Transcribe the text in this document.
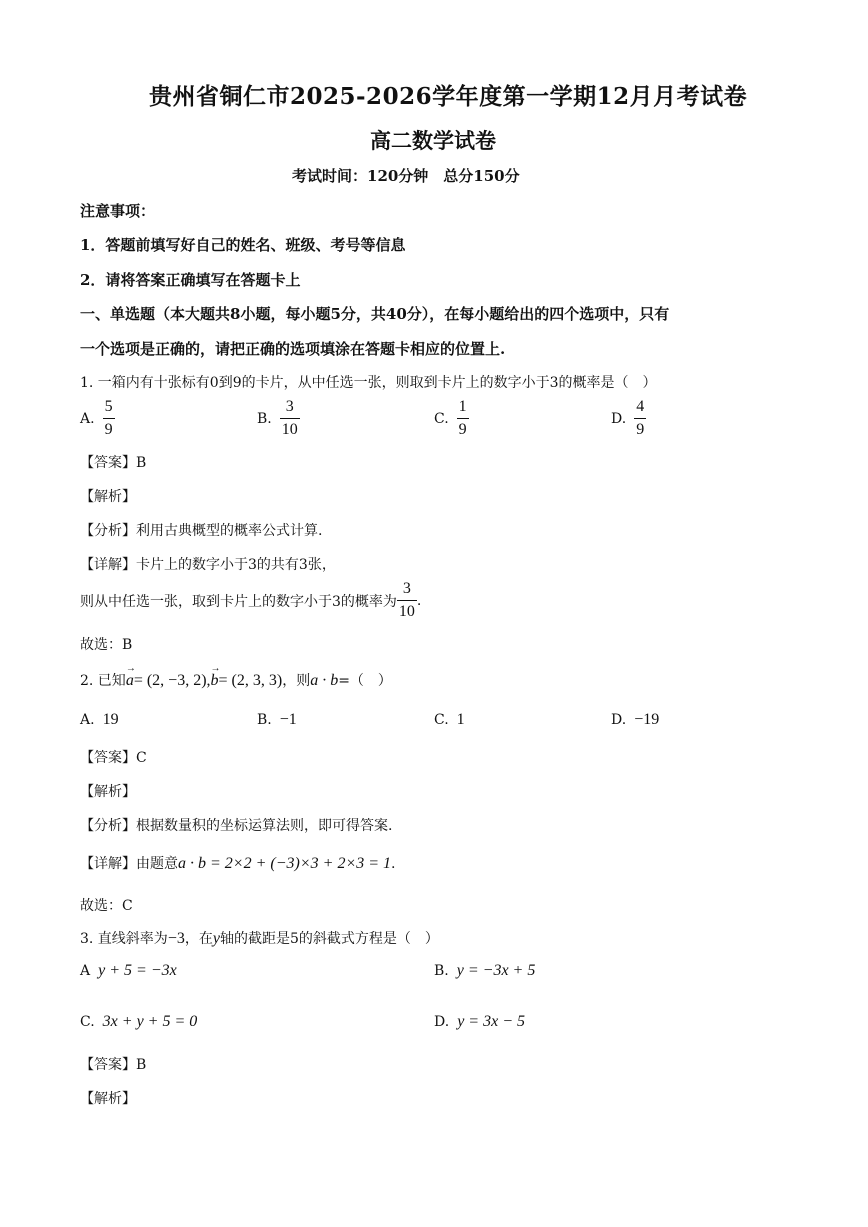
贵州省铜仁市2025-2026学年度第一学期12月月考试卷
高二数学试卷
考试时间：120分钟　总分150分
注意事项：
1．答题前填写好自己的姓名、班级、考号等信息
2．请将答案正确填写在答题卡上
一、单选题（本大题共8小题，每小题5分，共40分），在每小题给出的四个选项中，只有
一个选项是正确的，请把正确的选项填涂在答题卡相应的位置上.
1. 一箱内有十张标有0到9的卡片，从中任选一张，则取到卡片上的数字小于3的概率是（　）
A. $\frac{5}{9}$	B. $\frac{3}{10}$	C. $\frac{1}{9}$	D. $\frac{4}{9}$
【答案】B
【解析】
【分析】利用古典概型的概率公式计算.
【详解】卡片上的数字小于3的共有3张，
则从中任选一张，取到卡片上的数字小于3的概率为 $\frac{3}{10}$ .
故选：B
2. 已知 → a = (2, −3, 2), → b = (2, 3, 3) ，则 a · b =（　）
A. 19	B. −1	C. 1	D. −19
【答案】C
【解析】
【分析】根据数量积的坐标运算法则，即可得答案.
【详解】由题意 a · b = 2×2 + (−3)×3 + 2×3 = 1 .
故选：C
3. 直线斜率为 −3 ，在 y 轴的截距是5的斜截式方程是（　）
A y + 5 = −3x	B. y = −3x + 5
C. 3x + y + 5 = 0	D. y = 3x − 5
【答案】B
【解析】
